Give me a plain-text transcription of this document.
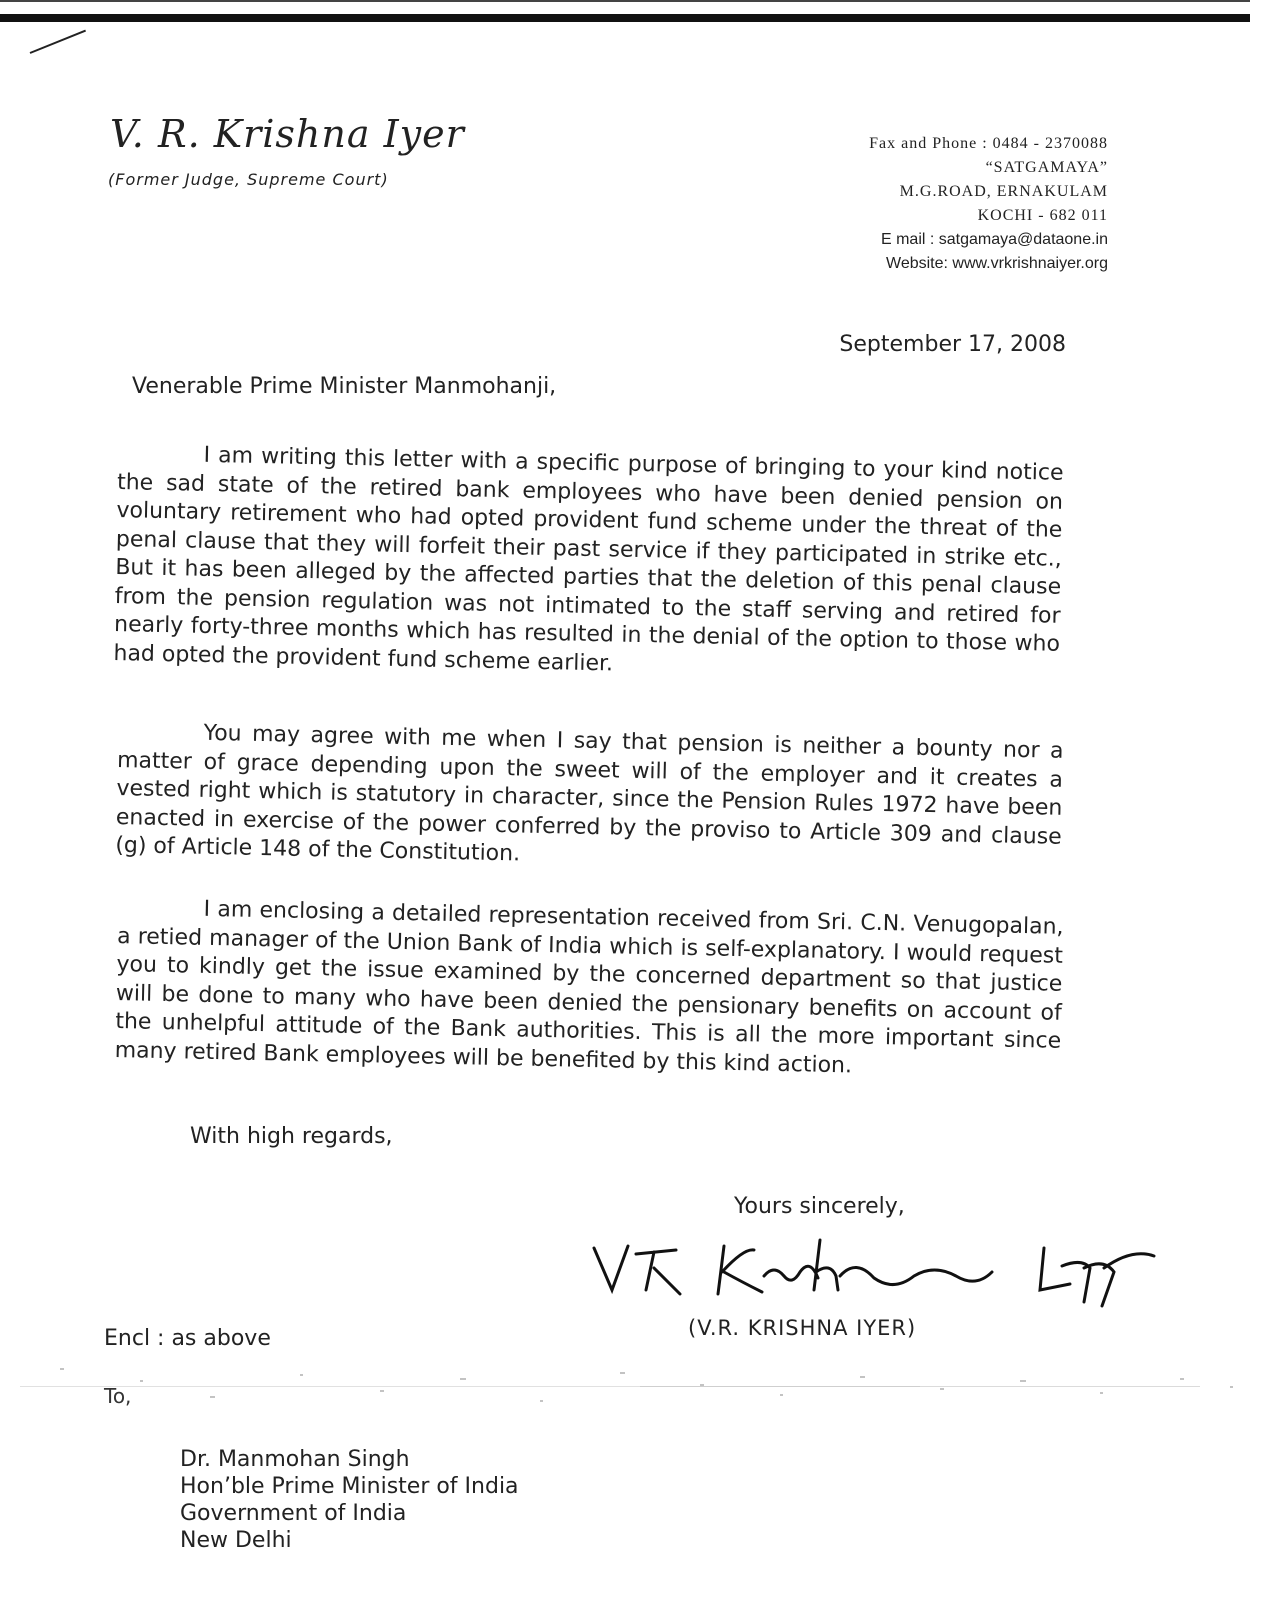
V. R. Krishna Iyer
(Former Judge, Supreme Court)
Fax and Phone : 0484 - 2370088
“SATGAMAYA”
M.G.ROAD, ERNAKULAM
KOCHI - 682 011
E mail : satgamaya@dataone.in
Website: www.vrkrishnaiyer.org
September 17, 2008
Venerable Prime Minister Manmohanji,

I am writing this letter with a specific purpose of bringing to your kind notice the sad state of the retired bank employees who have been denied pension on voluntary retirement who had opted provident fund scheme under the threat of the penal clause that they will forfeit their past service if they participated in strike etc., But it has been alleged by the affected parties that the deletion of this penal clause from the pension regulation was not intimated to the staff serving and retired for nearly forty-three months which has resulted in the denial of the option to those who had opted the provident fund scheme earlier.

You may agree with me when I say that pension is neither a bounty nor a matter of grace depending upon the sweet will of the employer and it creates a vested right which is statutory in character, since the Pension Rules 1972 have been enacted in exercise of the power conferred by the proviso to Article 309 and clause (g) of Article 148 of the Constitution.

I am enclosing a detailed representation received from Sri. C.N. Venugopalan, a retied manager of the Union Bank of India which is self-explanatory. I would request you to kindly get the issue examined by the concerned department so that justice will be done to many who have been denied the pensionary benefits on account of the unhelpful attitude of the Bank authorities. This is all the more important since many retired Bank employees will be benefited by this kind action.

With high regards,
Yours sincerely,
(V.R. KRISHNA IYER)
Encl : as above
To,
Dr. Manmohan Singh
Hon’ble Prime Minister of India
Government of India
New Delhi
